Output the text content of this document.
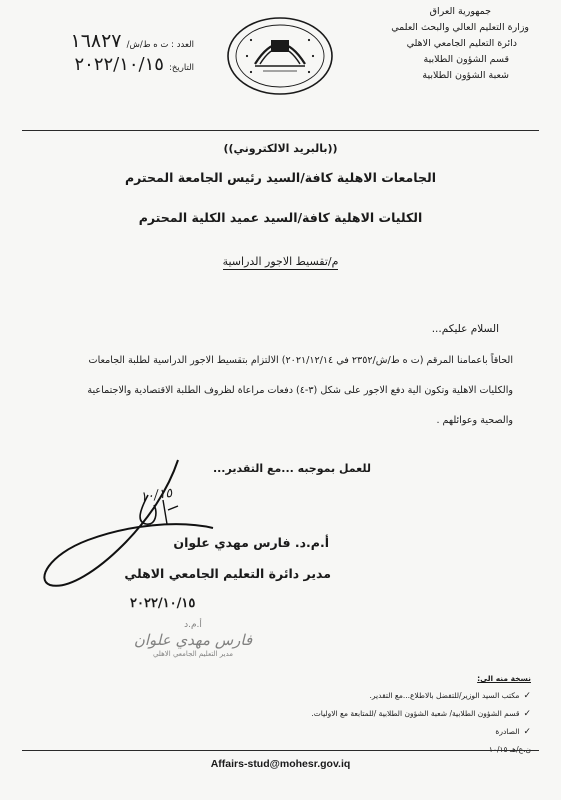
جمهورية العراق
وزارة التعليم العالي والبحث العلمي
دائرة التعليم الجامعي الاهلي
قسم الشؤون الطلابية
شعبة الشؤون الطلابية
العدد : ت ه ط/ش/ ١٦٨٢٧
التاريخ: ٢٠٢٢/١٠/١٥
((بالبريد الالكتروني))
الجامعات الاهلية كافة/السيد رئيس الجامعة المحترم
الكليات الاهلية كافة/السيد عميد الكلية المحترم
م/تقسيط الاجور الدراسية
السلام عليكم...
الحاقاً باعمامنا المرقم (ت ه ط/ش/٢٣٥٢ في ٢٠٢١/١٢/١٤) الالتزام بتقسيط الاجور الدراسية لطلبة الجامعات
والكليات الاهلية وتكون الية دفع الاجور على شكل (٣-٤) دفعات مراعاة لظروف الطلبة الاقتصادية والاجتماعية
والصحية وعوائلهم .
للعمل بموجبه ...مع التقدير...
١٠/١٥
أ.م.د. فارس مهدي علوان
مدير دائرة التعليم الجامعي الاهلي
٢٠٢٢/١٠/١٥
أ.م.د
فارس مهدي علوان
مدير التعليم الجامعي الاهلي
نسخة منه الى:
✓مكتب السيد الوزير/للتفضل بالاطلاع...مع التقدير.
✓قسم الشؤون الطلابية/ شعبة الشؤون الطلابية /للمتابعة مع الاوليات.
✓الصادرة
ن.ع/هـ ١٠/١٥
Affairs-stud@mohesr.gov.iq
